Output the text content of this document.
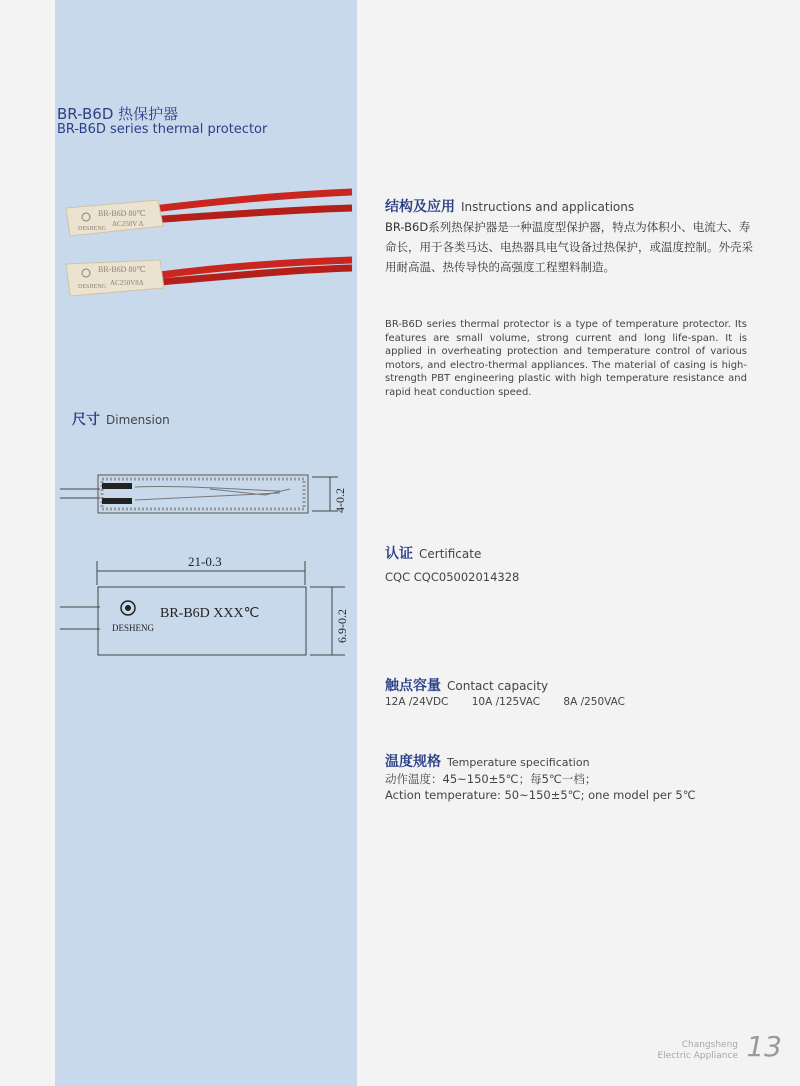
BR-B6D 热保护器
BR-B6D series thermal protector
BR-B6D 80℃
AC250V A
DESHENG
BR-B6D 80℃
AC250V8A
DESHENG
尺寸 Dimension
4-0.2
21-0.3
DESHENG
BR-B6D XXX℃	6.9-0.2
结构及应用 Instructions and applications
BR-B6D系列热保护器是一种温度型保护器，特点为体积小、电流大、寿命长，用于各类马达、电热器具电气设备过热保护，或温度控制。外壳采用耐高温、热传导快的高强度工程塑料制造。
BR-B6D series thermal protector is a type of temperature protector. Its features are small volume, strong current and long life-span. It is applied in overheating protection and temperature control of various motors, and electro-thermal appliances. The material of casing is high-strength PBT engineering plastic with high temperature resistance and rapid heat conduction speed.
认证 Certificate
CQC CQC05002014328
触点容量 Contact capacity
12A /24VDC 10A /125VAC 8A /250VAC
温度规格 Temperature specification
动作温度：45~150±5℃；每5℃一档；
Action temperature: 50~150±5℃; one model per 5℃
Changsheng
Electric Appliance 13
